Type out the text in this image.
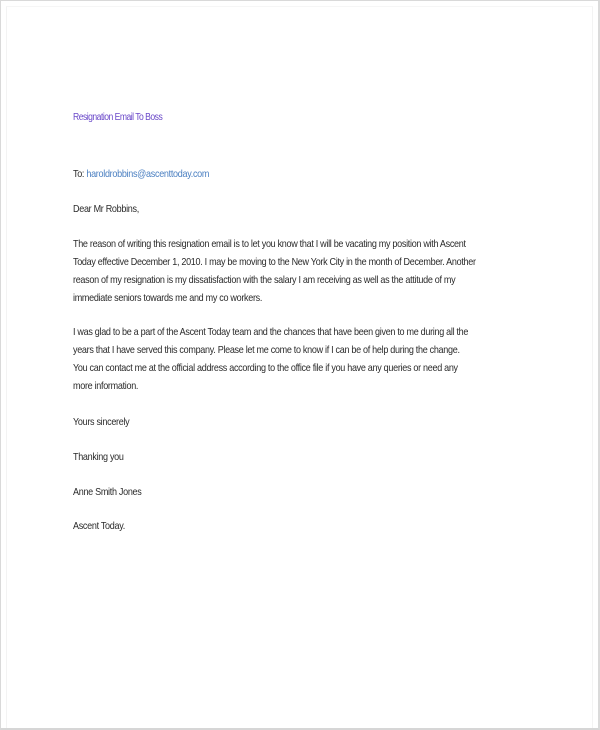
Resignation Email To Boss
To: haroldrobbins@ascenttoday.com
Dear Mr Robbins,
The reason of writing this resignation email is to let you know that I will be vacating my position with Ascent
Today effective December 1, 2010. I may be moving to the New York City in the month of December. Another
reason of my resignation is my dissatisfaction with the salary I am receiving as well as the attitude of my
immediate seniors towards me and my co workers.
I was glad to be a part of the Ascent Today team and the chances that have been given to me during all the
years that I have served this company. Please let me come to know if I can be of help during the change.
You can contact me at the official address according to the office file if you have any queries or need any
more information.
Yours sincerely
Thanking you
Anne Smith Jones
Ascent Today.
